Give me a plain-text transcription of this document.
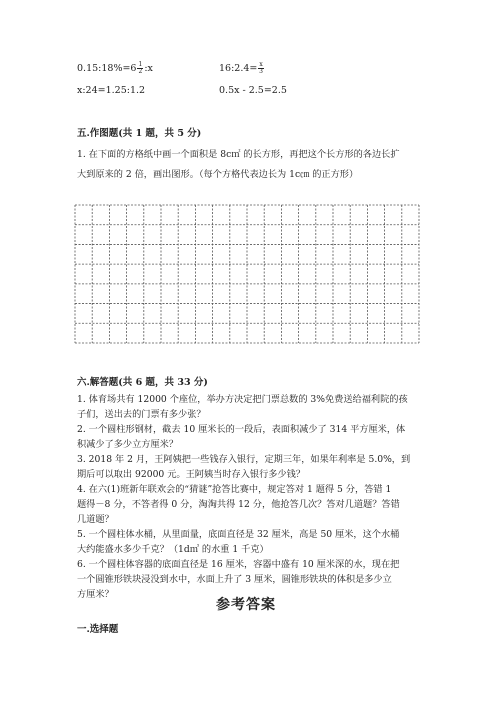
0.15:18%=6 $\frac{1}{2}$ :x	16:2.4= $\frac{x}{3}$
x:24=1.25:1.2	0.5x - 2.5=2.5
五.作图题(共 1 题，共 5 分)
1. 在下面的方格纸中画一个面积是 8c㎡ 的长方形，再把这个长方形的各边长扩
大到原来的 2 倍，画出图形。（每个方格代表边长为 1c㎝ 的正方形）
六.解答题(共 6 题，共 33 分)
1. 体育场共有 12000 个座位，举办方决定把门票总数的 3%免费送给福利院的孩
子们，送出去的门票有多少张？
2. 一个圆柱形钢材，截去 10 厘米长的一段后，表面积减少了 314 平方厘米，体
积减少了多少立方厘米？
3. 2018 年 2 月，王阿姨把一些钱存入银行，定期三年，如果年利率是 5.0%，到
期后可以取出 92000 元。王阿姨当时存入银行多少钱？
4. 在六(1)班新年联欢会的“猜谜”抢答比赛中，规定答对 1 题得 5 分，答错 1
题得－8 分，不答者得 0 分，淘淘共得 12 分，他抢答几次？答对几道题？答错
几道题？
5. 一个圆柱体水桶，从里面量，底面直径是 32 厘米，高是 50 厘米，这个水桶
大约能盛水多少千克？（1d㎥ 的水重 1 千克）
6. 一个圆柱体容器的底面直径是 16 厘米，容器中盛有 10 厘米深的水，现在把
一个圆锥形铁块浸没到水中，水面上升了 3 厘米，圆锥形铁块的体积是多少立
方厘米？
参考答案
一.选择题
